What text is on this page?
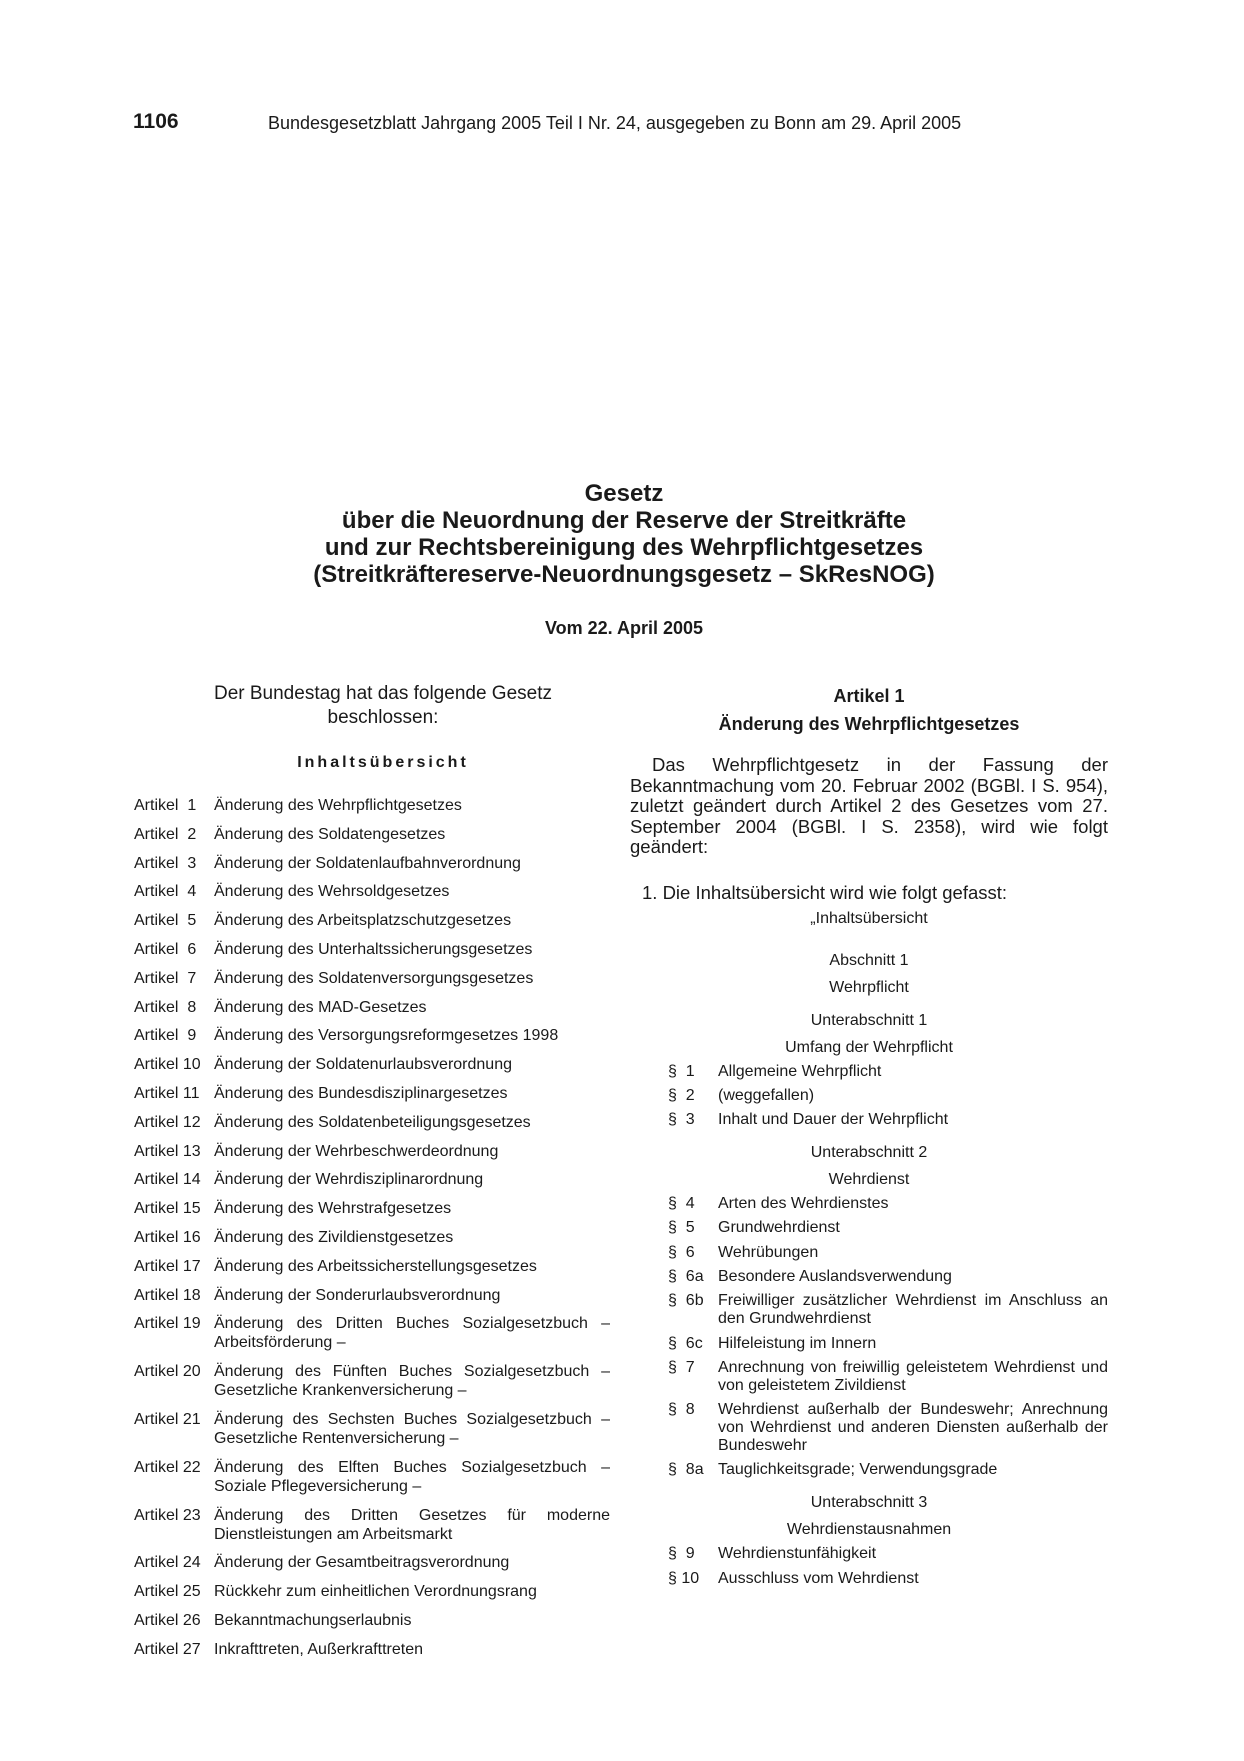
1106	Bundesgesetzblatt Jahrgang 2005 Teil I Nr. 24, ausgegeben zu Bonn am 29. April 2005
Gesetz
über die Neuordnung der Reserve der Streitkräfte
und zur Rechtsbereinigung des Wehrpflichtgesetzes
(Streitkräftereserve-Neuordnungsgesetz – SkResNOG)
Vom 22. April 2005
Der Bundestag hat das folgende Gesetz beschlossen:
Inhaltsübersicht
Artikel  1	Änderung des Wehrpflichtgesetzes
Artikel  2	Änderung des Soldatengesetzes
Artikel  3	Änderung der Soldatenlaufbahnverordnung
Artikel  4	Änderung des Wehrsoldgesetzes
Artikel  5	Änderung des Arbeitsplatzschutzgesetzes
Artikel  6	Änderung des Unterhaltssicherungsgesetzes
Artikel  7	Änderung des Soldatenversorgungsgesetzes
Artikel  8	Änderung des MAD-Gesetzes
Artikel  9	Änderung des Versorgungsreformgesetzes 1998
Artikel 10 Änderung der Soldatenurlaubsverordnung
Artikel 11 Änderung des Bundesdisziplinargesetzes
Artikel 12 Änderung des Soldatenbeteiligungsgesetzes
Artikel 13 Änderung der Wehrbeschwerdeordnung
Artikel 14 Änderung der Wehrdisziplinarordnung
Artikel 15 Änderung des Wehrstrafgesetzes
Artikel 16 Änderung des Zivildienstgesetzes
Artikel 17 Änderung des Arbeitssicherstellungsgesetzes
Artikel 18 Änderung der Sonderurlaubsverordnung
Artikel 19 Änderung des Dritten Buches Sozialgesetzbuch – Arbeitsförderung –
Artikel 20 Änderung des Fünften Buches Sozialgesetzbuch – Gesetzliche Krankenversicherung –
Artikel 21 Änderung des Sechsten Buches Sozialgesetzbuch – Gesetzliche Rentenversicherung –
Artikel 22 Änderung des Elften Buches Sozialgesetzbuch – Soziale Pflegeversicherung –
Artikel 23 Änderung des Dritten Gesetzes für moderne Dienstleistungen am Arbeitsmarkt
Artikel 24 Änderung der Gesamtbeitragsverordnung
Artikel 25 Rückkehr zum einheitlichen Verordnungsrang
Artikel 26 Bekanntmachungserlaubnis
Artikel 27 Inkrafttreten, Außerkrafttreten
Artikel 1
Änderung des Wehrpflichtgesetzes
Das Wehrpflichtgesetz in der Fassung der Bekanntmachung vom 20. Februar 2002 (BGBl. I S. 954), zuletzt geändert durch Artikel 2 des Gesetzes vom 27. September 2004 (BGBl. I S. 2358), wird wie folgt geändert:
1. Die Inhaltsübersicht wird wie folgt gefasst:
„Inhaltsübersicht
Abschnitt 1
Wehrpflicht
Unterabschnitt 1
Umfang der Wehrpflicht
§  1	Allgemeine Wehrpflicht
§  2	(weggefallen)
§  3	Inhalt und Dauer der Wehrpflicht
Unterabschnitt 2
Wehrdienst
§  4	Arten des Wehrdienstes
§  5	Grundwehrdienst
§  6	Wehrübungen
§  6a Besondere Auslandsverwendung
§  6b Freiwilliger zusätzlicher Wehrdienst im Anschluss an den Grundwehrdienst
§  6c Hilfeleistung im Innern
§  7	Anrechnung von freiwillig geleistetem Wehrdienst und von geleistetem Zivildienst
§  8	Wehrdienst außerhalb der Bundeswehr; Anrechnung von Wehrdienst und anderen Diensten außerhalb der Bundeswehr
§  8a Tauglichkeitsgrade; Verwendungsgrade
Unterabschnitt 3
Wehrdienstausnahmen
§  9	Wehrdienstunfähigkeit
§ 10	Ausschluss vom Wehrdienst
